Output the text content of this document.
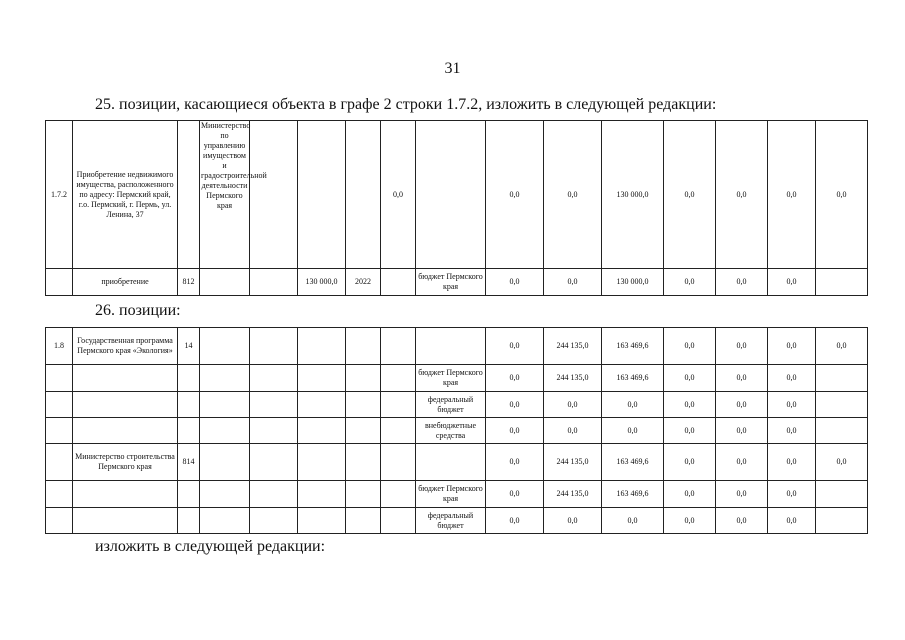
31
25. позиции, касающиеся объекта в графе 2 строки 1.7.2, изложить в следующей редакции:
1.7.2	Приобретение недвижимого имущества, расположенного по адресу: Пермский край, г.о. Пермский, г. Пермь, ул. Ленина, 37		Министерство по управлению имуществом и градостроительной деятельности Пермского края				0,0		0,0	0,0	130 000,0	0,0	0,0	0,0	0,0
	приобретение	812			130 000,0	2022		бюджет Пермского края	0,0	0,0	130 000,0	0,0	0,0	0,0	
26. позиции:
1.8	Государственная программа Пермского края «Экология»	14							0,0	244 135,0	163 469,6	0,0	0,0	0,0	0,0
								бюджет Пермского края	0,0	244 135,0	163 469,6	0,0	0,0	0,0	
								федеральный бюджет	0,0	0,0	0,0	0,0	0,0	0,0	
								внебюджетные средства	0,0	0,0	0,0	0,0	0,0	0,0	
	Министерство строительства Пермского края	814							0,0	244 135,0	163 469,6	0,0	0,0	0,0	0,0
								бюджет Пермского края	0,0	244 135,0	163 469,6	0,0	0,0	0,0	
								федеральный бюджет	0,0	0,0	0,0	0,0	0,0	0,0	
изложить в следующей редакции:
